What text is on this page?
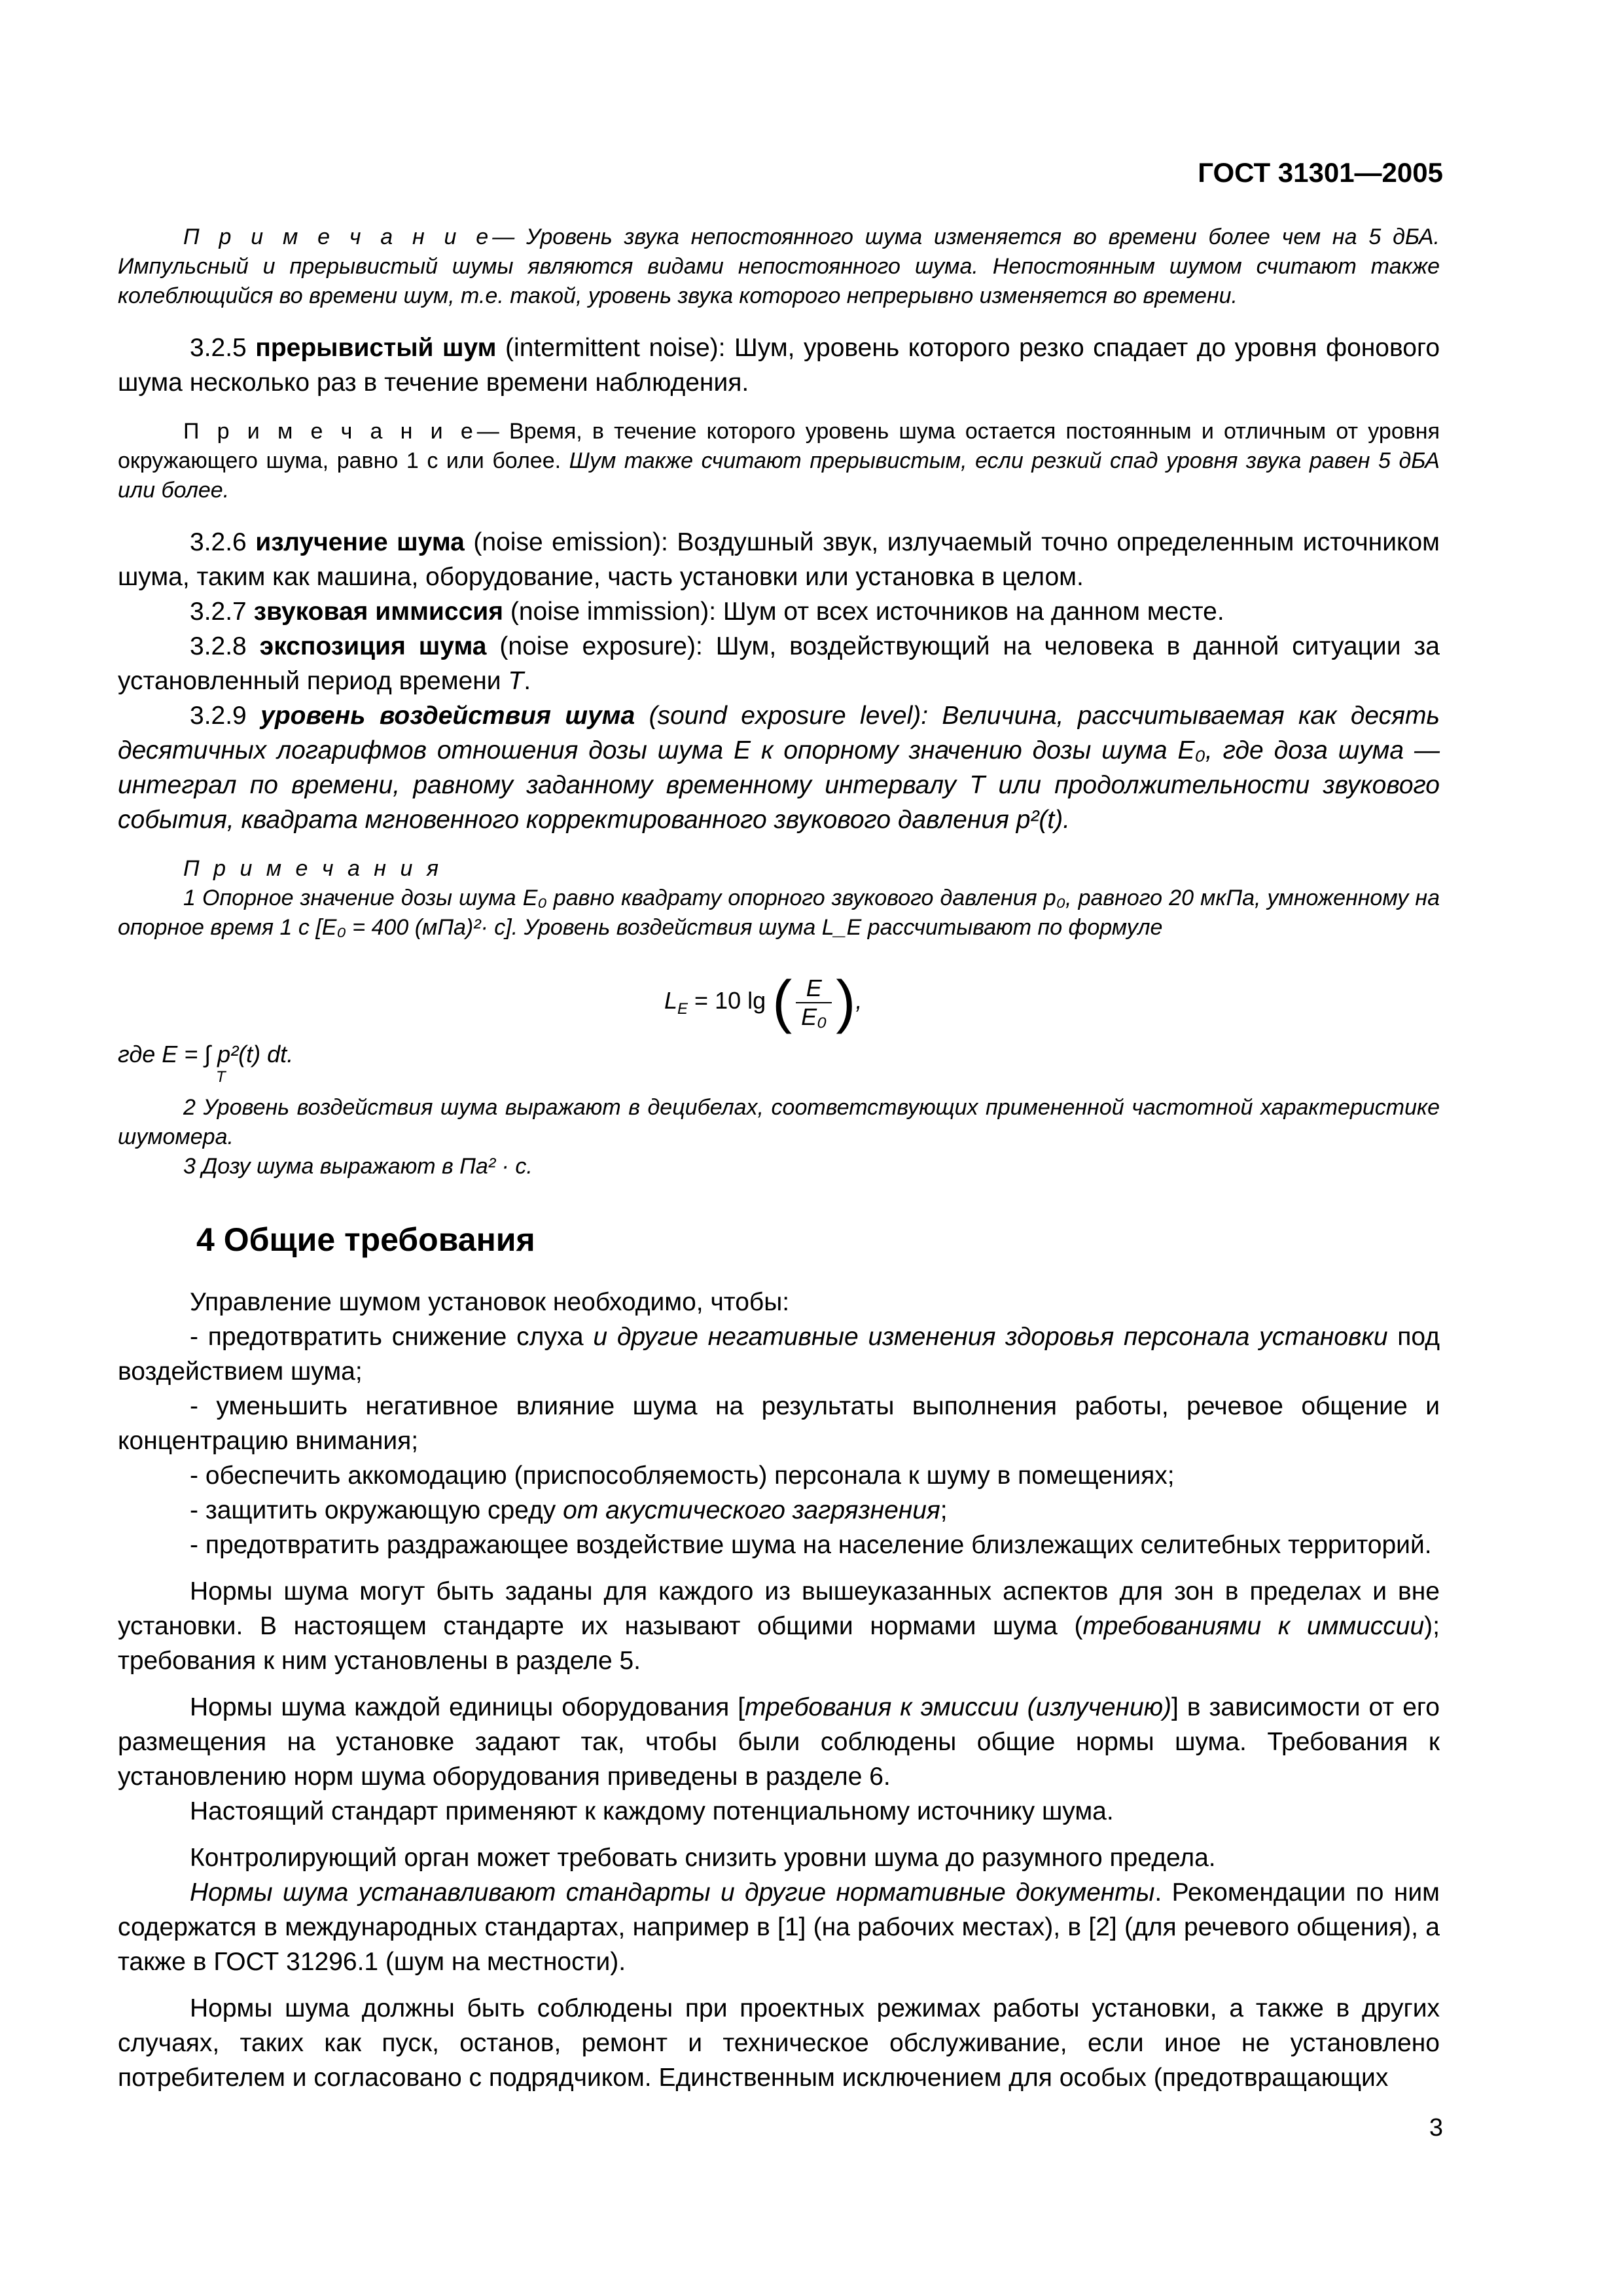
ГОСТ 31301—2005

П р и м е ч а н и е— Уровень звука непостоянного шума изменяется во времени более чем на 5 дБА. Импульсный и прерывистый шумы являются видами непостоянного шума. Непостоянным шумом считают также колеблющийся во времени шум, т.е. такой, уровень звука которого непрерывно изменяется во времени.

3.2.5 прерывистый шум (intermittent noise): Шум, уровень которого резко спадает до уровня фонового шума несколько раз в течение времени наблюдения.

П р и м е ч а н и е— Время, в течение которого уровень шума остается постоянным и отличным от уровня окружающего шума, равно 1 с или более. Шум также считают прерывистым, если резкий спад уровня звука равен 5 дБА или более.

3.2.6 излучение шума (noise emission): Воздушный звук, излучаемый точно определенным источником шума, таким как машина, оборудование, часть установки или установка в целом.

3.2.7 звуковая иммиссия (noise immission): Шум от всех источников на данном месте.

3.2.8 экспозиция шума (noise exposure): Шум, воздействующий на человека в данной ситуации за установленный период времени T.

3.2.9 уровень воздействия шума (sound exposure level): Величина, рассчитываемая как десять десятичных логарифмов отношения дозы шума E к опорному значению дозы шума E₀, где доза шума — интеграл по времени, равному заданному временному интервалу T или продолжительности звукового события, квадрата мгновенного корректированного звукового давления p²(t).

П р и м е ч а н и я

1 Опорное значение дозы шума E₀ равно квадрату опорного звукового давления p₀, равного 20 мкПа, умноженному на опорное время 1 с [E₀ = 400 (мПа)²· с]. Уровень воздействия шума L_E рассчитывают по формуле

$L_E = 10$ lg ( $\frac{E}{\text{E₀}}$ ),
где E = ∫ p²(t) dt.
T

2 Уровень воздействия шума выражают в децибелах, соответствующих примененной частотной характеристике шумомера.

3 Дозу шума выражают в Па² · с.

4 Общие требования

Управление шумом установок необходимо, чтобы:

- предотвратить снижение слуха и другие негативные изменения здоровья персонала установки под воздействием шума;

- уменьшить негативное влияние шума на результаты выполнения работы, речевое общение и концентрацию внимания;

- обеспечить аккомодацию (приспособляемость) персонала к шуму в помещениях;

- защитить окружающую среду от акустического загрязнения;

- предотвратить раздражающее воздействие шума на население близлежащих селитебных территорий.

Нормы шума могут быть заданы для каждого из вышеуказанных аспектов для зон в пределах и вне установки. В настоящем стандарте их называют общими нормами шума (требованиями к иммиссии); требования к ним установлены в разделе 5.

Нормы шума каждой единицы оборудования [требования к эмиссии (излучению)] в зависимости от его размещения на установке задают так, чтобы были соблюдены общие нормы шума. Требования к установлению норм шума оборудования приведены в разделе 6.

Настоящий стандарт применяют к каждому потенциальному источнику шума.

Контролирующий орган может требовать снизить уровни шума до разумного предела.

Нормы шума устанавливают стандарты и другие нормативные документы. Рекомендации по ним содержатся в международных стандартах, например в [1] (на рабочих местах), в [2] (для речевого общения), а также в ГОСТ 31296.1 (шум на местности).

Нормы шума должны быть соблюдены при проектных режимах работы установки, а также в других случаях, таких как пуск, останов, ремонт и техническое обслуживание, если иное не установлено потребителем и согласовано с подрядчиком. Единственным исключением для особых (предотвращающих

3
